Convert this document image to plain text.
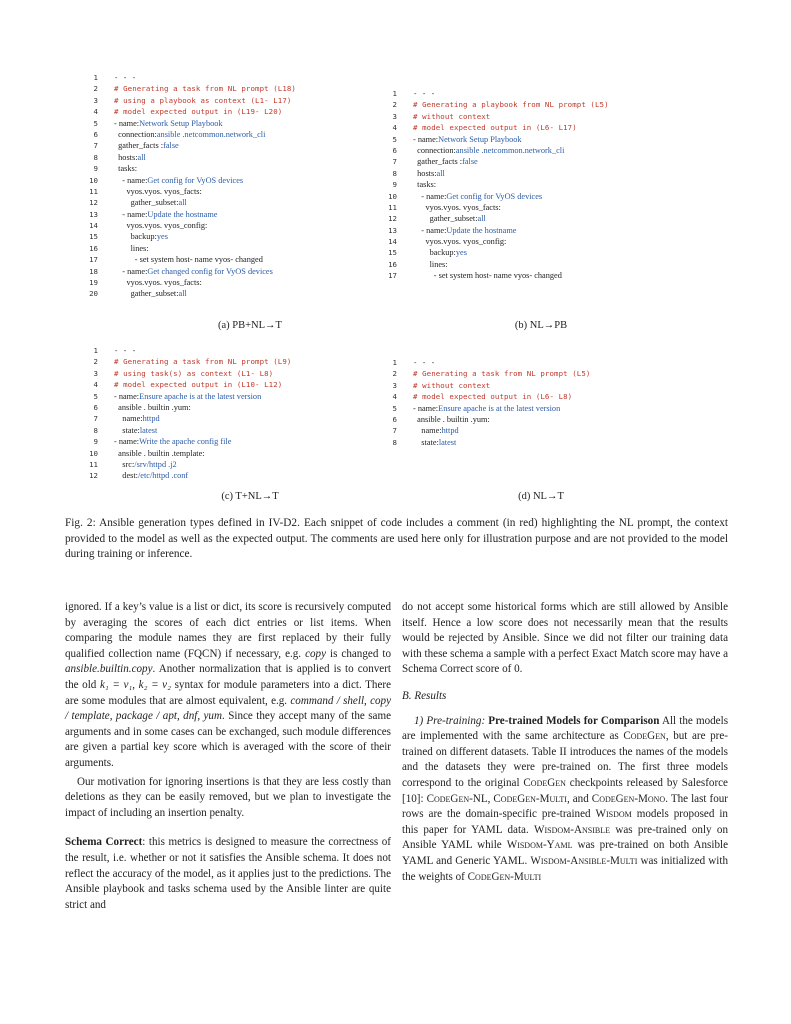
1 - - -
2 # Generating a task from NL prompt (L18)
3 # using a playbook as context (L1- L17)
4 # model expected output in (L19- L20)
5 - name: Network Setup Playbook
6
connection: ansible .netcommon.network_cli
7
gather_facts : false
8
hosts: all
9
tasks:
10 - name: Get config for VyOS devices
11
	vyos.vyos. vyos_facts:
12
	gather_subset: all
13 - name: Update the hostname
14
	vyos.vyos. vyos_config:
15
	backup: yes
16
	lines:
17
	- set system host- name vyos- changed
18 - name: Get changed config for VyOS devices
19
	vyos.vyos. vyos_facts:
20
	gather_subset: all
1 - - -
2 # Generating a playbook from NL prompt (L5)
3 # without context
4 # model expected output in (L6- L17)
5 - name: Network Setup Playbook
6
connection: ansible .netcommon.network_cli
7
gather_facts : false
8
hosts: all
9
tasks:
10 - name: Get config for VyOS devices
11
	vyos.vyos. vyos_facts:
12
	gather_subset: all
13 - name: Update the hostname
14
	vyos.vyos. vyos_config:
15
	backup: yes
16
	lines:
17
	- set system host- name vyos- changed
1 - - -
2 # Generating a task from NL prompt (L9)
3 # using task(s) as context (L1- L8)
4 # model expected output in (L10- L12)
5 - name: Ensure apache is at the latest version
6
ansible . builtin .yum:
7
	name: httpd
8
	state: latest
9 - name: Write the apache config file
10
ansible . builtin .template:
11
	src: /srv/httpd .j2
12
	dest: /etc/httpd .conf
1 - - -
2 # Generating a task from NL prompt (L5)
3 # without context
4 # model expected output in (L6- L8)
5 - name: Ensure apache is at the latest version
6
ansible . builtin .yum:
7
	name: httpd
8
	state: latest
(a) PB+NL→T	(b) NL→PB
(c) T+NL→T	(d) NL→T
Fig. 2: Ansible generation types defined in IV-D2. Each snippet of code includes a comment (in red) highlighting the NL prompt, the context provided to the model as well as the expected output. The comments are used here only for illustration purpose and are not provided to the model during training or inference.

ignored. If a key’s value is a list or dict, its score is recursively computed by averaging the scores of each dict entries or list items. When comparing the module names they are first replaced by their fully qualified collection name (FQCN) if necessary, e.g. copy is changed to ansible.builtin.copy. Another normalization that is applied is to convert the old k₁ = v₁, k₂ = v₂ syntax for module parameters into a dict. There are some modules that are almost equivalent, e.g. command / shell, copy / template, package / apt, dnf, yum. Since they accept many of the same arguments and in some cases can be exchanged, such module differences are given a partial key score which is averaged with the score of their arguments.

Our motivation for ignoring insertions is that they are less costly than deletions as they can be easily removed, but we plan to investigate the impact of including an insertion penalty.

Schema Correct: this metrics is designed to measure the correctness of the result, i.e. whether or not it satisfies the Ansible schema. It does not reflect the accuracy of the model, as it applies just to the predictions. The Ansible playbook and tasks schema used by the Ansible linter are quite strict and

do not accept some historical forms which are still allowed by Ansible itself. Hence a low score does not necessarily mean that the results would be rejected by Ansible. Since we did not filter our training data with these schema a sample with a perfect Exact Match score may have a Schema Correct score of 0.

B. Results

1) Pre-training: Pre-trained Models for Comparison All the models are implemented with the same architecture as CodeGen, but are pre-trained on different datasets. Table II introduces the names of the models and the datasets they were pre-trained on. The first three models correspond to the original CodeGen checkpoints released by Salesforce [10]: CodeGen-NL, CodeGen-Multi, and CodeGen-Mono. The last four rows are the domain-specific pre-trained Wisdom models proposed in this paper for YAML data. Wisdom-Ansible was pre-trained only on Ansible YAML while Wisdom-Yaml was pre-trained on both Ansible YAML and Generic YAML. Wisdom-Ansible-Multi was initialized with the weights of CodeGen-Multi
